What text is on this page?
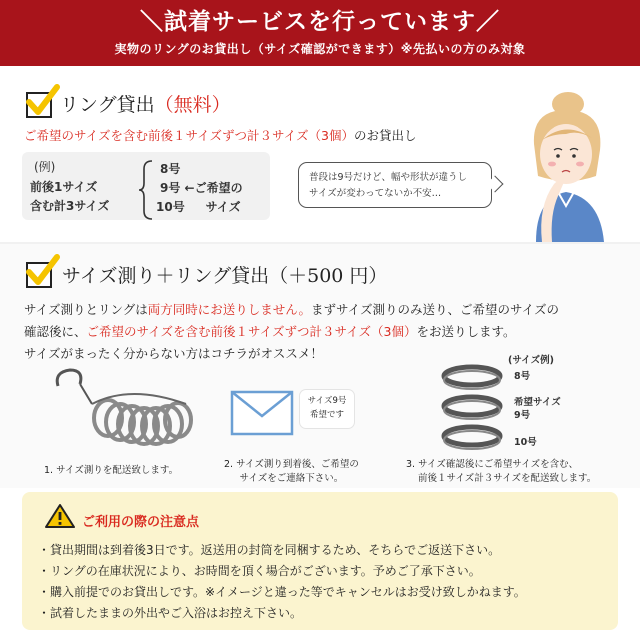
＼試着サービスを行っています／
実物のリングのお貸出し（サイズ確認ができます）※先払いの方のみ対象
リング貸出（無料）
ご希望のサイズを含む前後１サイズずつ計３サイズ（3個）のお貸出し
(例)
前後1サイズ
含む計3サイズ
8号
9号 ←ご希望の
10号 サイズ
普段は9号だけど、幅や形状が違うし
サイズが変わってないか不安…
サイズ測り＋リング貸出（＋500 円）
サイズ測りとリングは両方同時にお送りしません。まずサイズ測りのみ送り、ご希望のサイズの
確認後に、ご希望のサイズを含む前後１サイズずつ計３サイズ（3個）をお送りします。
サイズがまったく分からない方はコチラがオススメ！
1. サイズ測りを配送致します。
サイズ9号
希望です
2. サイズ測り到着後、ご希望の
サイズをご連絡下さい。
(サイズ例)
8号
希望サイズ
9号
10号
3. サイズ確認後にご希望サイズを含む、
前後１サイズ計３サイズを配送致します。
ご利用の際の注意点
・貸出期間は到着後3日です。返送用の封筒を同梱するため、そちらでご返送下さい。
・リングの在庫状況により、お時間を頂く場合がございます。予めご了承下さい。
・購入前提でのお貸出しです。※イメージと違った等でキャンセルはお受け致しかねます。
・試着したままの外出やご入浴はお控え下さい。
